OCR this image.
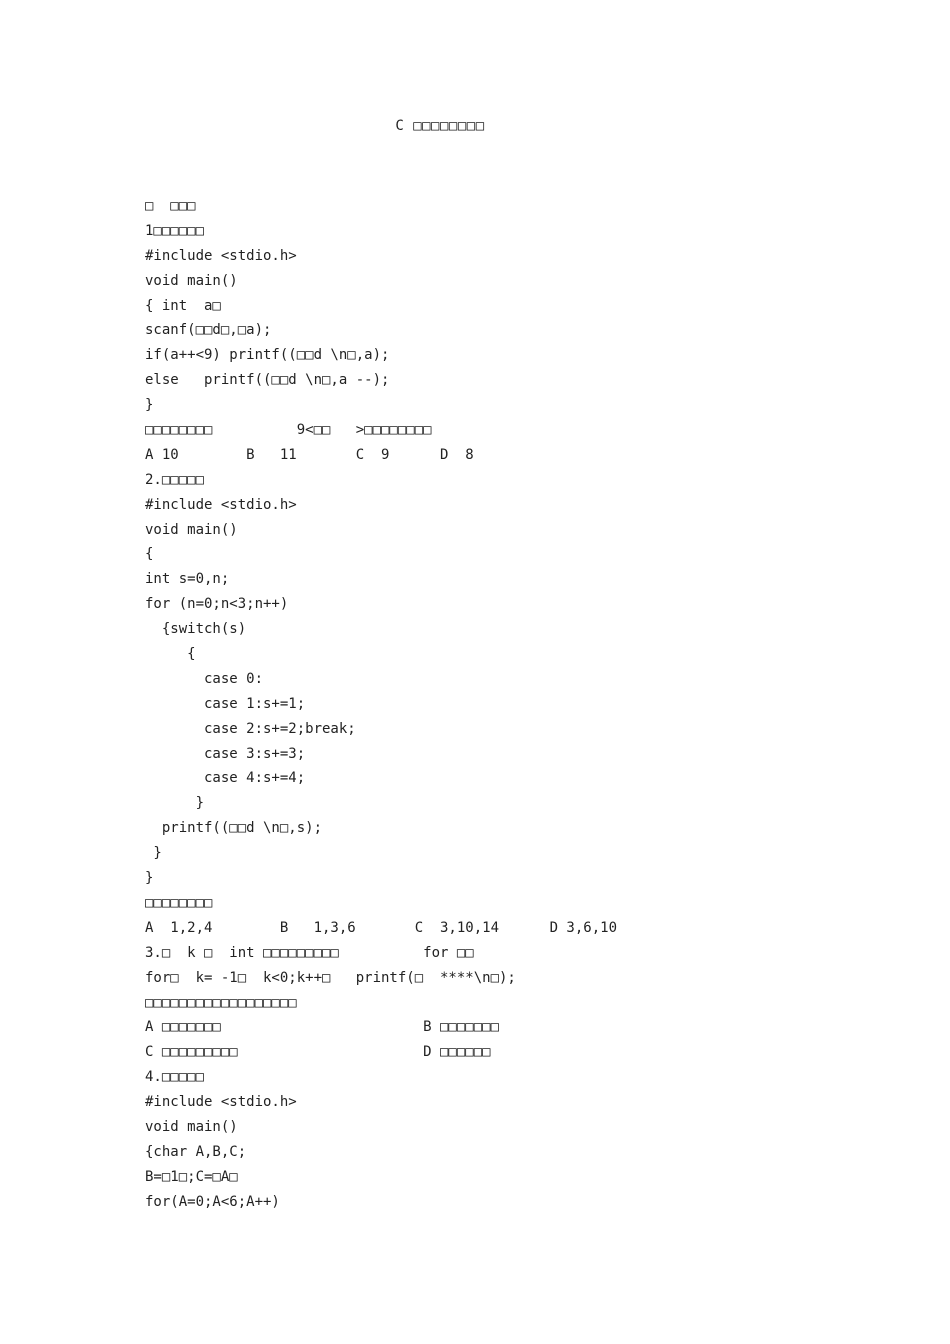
C □□□□□□□□
□  □□□
1□□□□□□
#include <stdio.h>
void main()
{ int  a□
scanf(□□d□,□a);
if(a++<9) printf((□□d \n□,a);
else   printf((□□d \n□,a --);
}
□□□□□□□□          9<□□   >□□□□□□□□
A 10        B   11       C  9      D  8
2.□□□□□
#include <stdio.h>
void main()
{
int s=0,n;
for (n=0;n<3;n++)
{switch(s)
{
case 0:
case 1:s+=1;
case 2:s+=2;break;
case 3:s+=3;
case 4:s+=4;
}
printf((□□d \n□,s);
}
}
□□□□□□□□
A  1,2,4        B   1,3,6       C  3,10,14      D 3,6,10
3.□  k □  int □□□□□□□□□          for □□
for□  k= -1□  k<0;k++□   printf(□  ****\n□);
□□□□□□□□□□□□□□□□□□
A □□□□□□□                        B □□□□□□□
C □□□□□□□□□                      D □□□□□□
4.□□□□□
#include <stdio.h>
void main()
{char A,B,C;
B=□1□;C=□A□
for(A=0;A<6;A++)
